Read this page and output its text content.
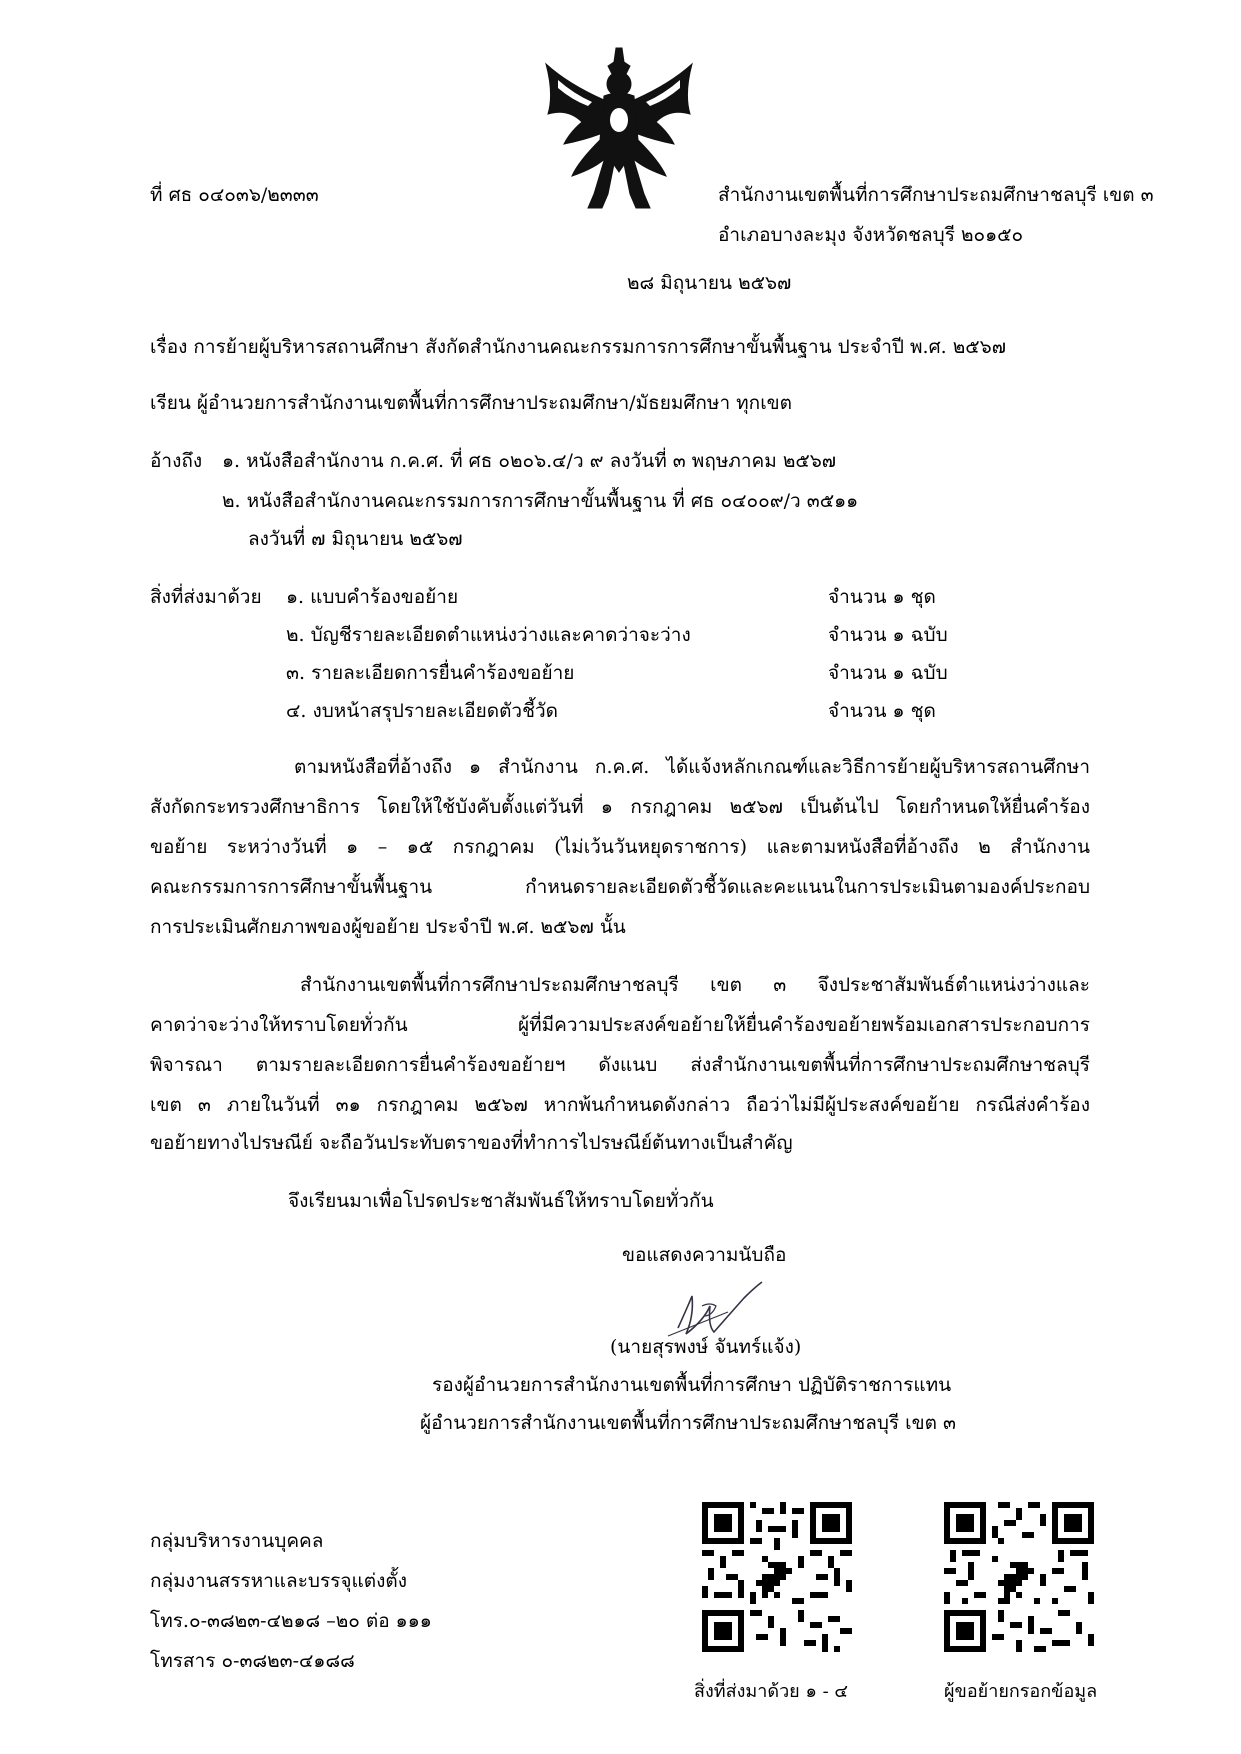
ที่ ศธ ๐๔๐๓๖/๒๓๓๓	สำนักงานเขตพื้นที่การศึกษาประถมศึกษาชลบุรี เขต ๓
อำเภอบางละมุง จังหวัดชลบุรี ๒๐๑๕๐
๒๘ มิถุนายน ๒๕๖๗
เรื่อง การย้ายผู้บริหารสถานศึกษา สังกัดสำนักงานคณะกรรมการการศึกษาขั้นพื้นฐาน ประจำปี พ.ศ. ๒๕๖๗
เรียน ผู้อำนวยการสำนักงานเขตพื้นที่การศึกษาประถมศึกษา/มัธยมศึกษา ทุกเขต
อ้างถึง ๑. หนังสือสำนักงาน ก.ค.ศ. ที่ ศธ ๐๒๐๖.๔/ว ๙ ลงวันที่ ๓ พฤษภาคม ๒๕๖๗
๒. หนังสือสำนักงานคณะกรรมการการศึกษาขั้นพื้นฐาน ที่ ศธ ๐๔๐๐๙/ว ๓๕๑๑
ลงวันที่ ๗ มิถุนายน ๒๕๖๗
สิ่งที่ส่งมาด้วย ๑. แบบคำร้องขอย้าย	จำนวน ๑ ชุด
๒. บัญชีรายละเอียดตำแหน่งว่างและคาดว่าจะว่าง	จำนวน ๑ ฉบับ
๓. รายละเอียดการยื่นคำร้องขอย้าย	จำนวน ๑ ฉบับ
๔. งบหน้าสรุปรายละเอียดตัวชี้วัด	จำนวน ๑ ชุด
ตามหนังสือที่อ้างถึง ๑ สำนักงาน ก.ค.ศ. ได้แจ้งหลักเกณฑ์และวิธีการย้ายผู้บริหารสถานศึกษา
สังกัดกระทรวงศึกษาธิการ โดยให้ใช้บังคับตั้งแต่วันที่ ๑ กรกฎาคม ๒๕๖๗ เป็นต้นไป โดยกำหนดให้ยื่นคำร้อง
ขอย้าย ระหว่างวันที่ ๑ – ๑๕ กรกฎาคม (ไม่เว้นวันหยุดราชการ) และตามหนังสือที่อ้างถึง ๒ สำนักงาน
คณะกรรมการการศึกษาขั้นพื้นฐาน กำหนดรายละเอียดตัวชี้วัดและคะแนนในการประเมินตามองค์ประกอบ
การประเมินศักยภาพของผู้ขอย้าย ประจำปี พ.ศ. ๒๕๖๗ นั้น
สำนักงานเขตพื้นที่การศึกษาประถมศึกษาชลบุรี เขต ๓ จึงประชาสัมพันธ์ตำแหน่งว่างและ
คาดว่าจะว่างให้ทราบโดยทั่วกัน ผู้ที่มีความประสงค์ขอย้ายให้ยื่นคำร้องขอย้ายพร้อมเอกสารประกอบการ
พิจารณา ตามรายละเอียดการยื่นคำร้องขอย้ายฯ ดังแนบ ส่งสำนักงานเขตพื้นที่การศึกษาประถมศึกษาชลบุรี
เขต ๓ ภายในวันที่ ๓๑ กรกฎาคม ๒๕๖๗ หากพ้นกำหนดดังกล่าว ถือว่าไม่มีผู้ประสงค์ขอย้าย กรณีส่งคำร้อง
ขอย้ายทางไปรษณีย์ จะถือวันประทับตราของที่ทำการไปรษณีย์ต้นทางเป็นสำคัญ
จึงเรียนมาเพื่อโปรดประชาสัมพันธ์ให้ทราบโดยทั่วกัน
ขอแสดงความนับถือ
(นายสุรพงษ์ จันทร์แจ้ง)
รองผู้อำนวยการสำนักงานเขตพื้นที่การศึกษา ปฏิบัติราชการแทน
ผู้อำนวยการสำนักงานเขตพื้นที่การศึกษาประถมศึกษาชลบุรี เขต ๓
กลุ่มบริหารงานบุคคล
กลุ่มงานสรรหาและบรรจุแต่งตั้ง
โทร.๐-๓๘๒๓-๔๒๑๘ –๒๐ ต่อ ๑๑๑
โทรสาร ๐-๓๘๒๓-๔๑๘๘
สิ่งที่ส่งมาด้วย ๑ - ๔	ผู้ขอย้ายกรอกข้อมูล
